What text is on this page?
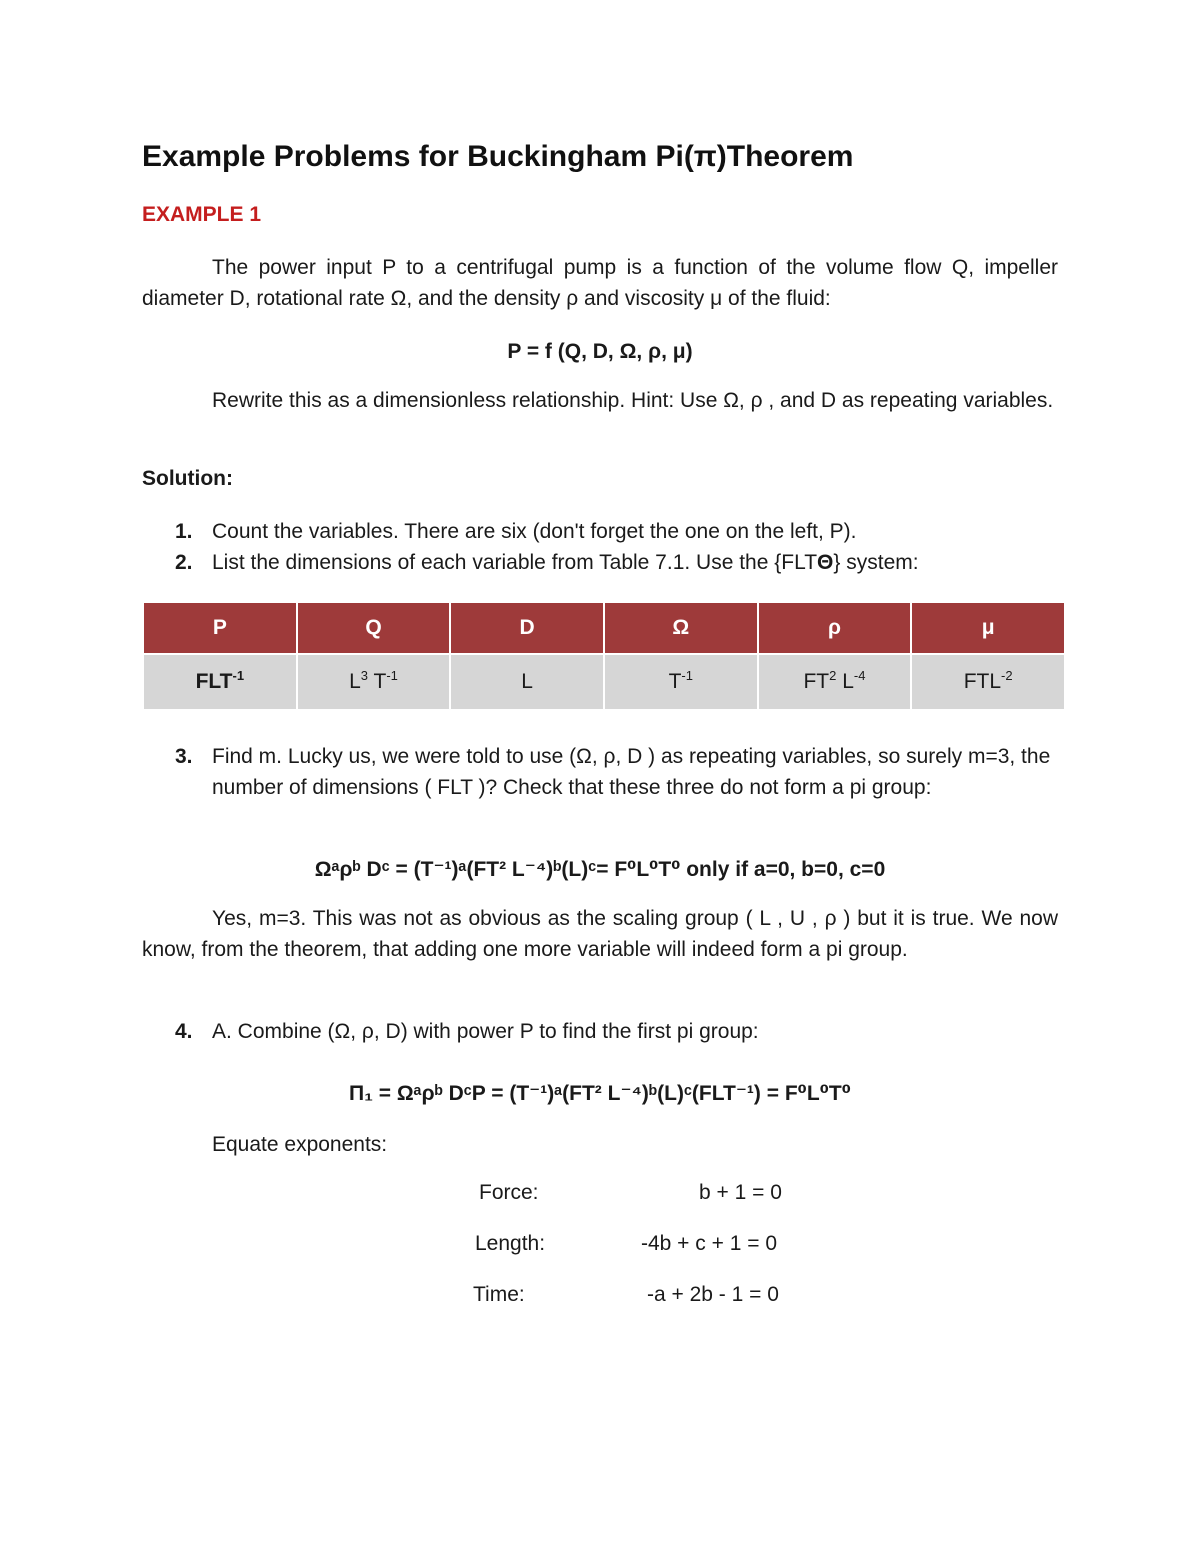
Example Problems for Buckingham Pi(π)Theorem
EXAMPLE 1
The power input P to a centrifugal pump is a function of the volume flow Q, impeller diameter D, rotational rate Ω, and the density ρ and viscosity μ of the fluid:
P = f (Q, D, Ω, ρ, μ)
Rewrite this as a dimensionless relationship. Hint: Use Ω, ρ , and D as repeating variables.
Solution:
1. Count the variables. There are six (don't forget the one on the left, P).
2. List the dimensions of each variable from Table 7.1. Use the {FLTΘ} system:
P	Q	D	Ω	ρ	μ
$FLT^{-1}$	$L^3$ $T^{-1}$	L	$T^{-1}$	$FT^2$ $L^{-4}$	$FTL^{-2}$
3. Find m. Lucky us, we were told to use (Ω, ρ, D ) as repeating variables, so surely m=3, the number of dimensions ( FLT )? Check that these three do not form a pi group:
Ωᵃρᵇ Dᶜ = (T⁻¹)ᵃ(FT² L⁻⁴)ᵇ(L)ᶜ= F⁰L⁰T⁰ only if a=0, b=0, c=0
Yes, m=3. This was not as obvious as the scaling group ( L , U , ρ ) but it is true. We now know, from the theorem, that adding one more variable will indeed form a pi group.
4. A. Combine (Ω, ρ, D) with power P to find the first pi group:
Π₁ = Ωᵃρᵇ DᶜP = (T⁻¹)ᵃ(FT² L⁻⁴)ᵇ(L)ᶜ(FLT⁻¹) = F⁰L⁰T⁰
Equate exponents:
Force:	b + 1 = 0
Length:	-4b + c + 1 = 0
Time:	-a + 2b - 1 = 0
